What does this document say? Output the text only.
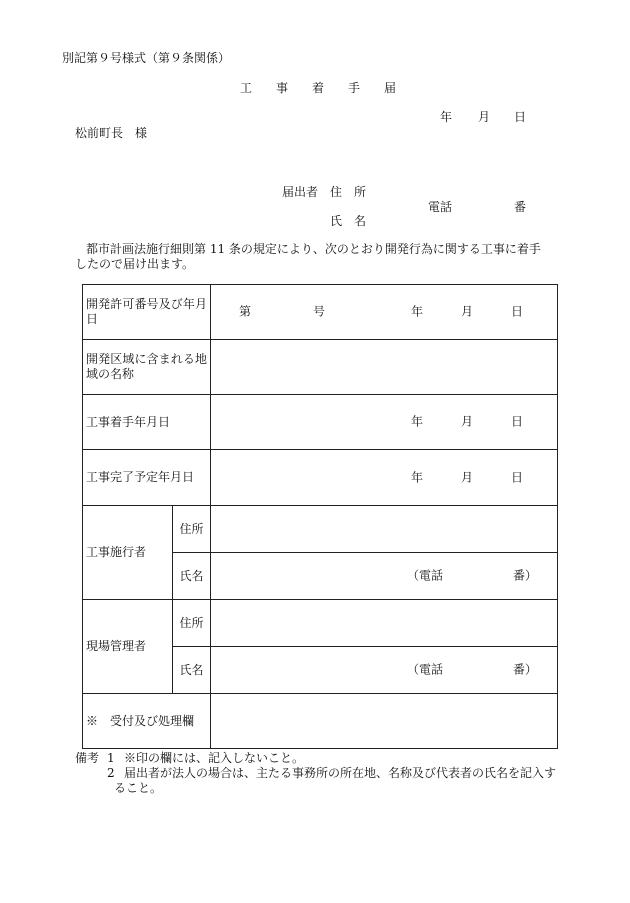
別記第９号様式（第９条関係）
工　　事　　着　　手　　届
年 月 日
松前町長　様
届出者 住　所
電話	番
氏　名
都市計画法施行細則第 11 条の規定により、次のとおり開発行為に関する工事に着手
したので届け出ます。
開発許可番号及び年月日		第 号 年 月 日

開発区域に含まれる地域の名称		

工事着手年月日		年 月 日

工事完了予定年月日		年 月 日

工事施行者	住所	
	氏名	（電話 番）

現場管理者	住所	
	氏名	（電話 番）

※　受付及び処理欄		

備考 1 ※印の欄には、記入しないこと。
2 届出者が法人の場合は、主たる事務所の所在地、名称及び代表者の氏名を記入す
ること。
